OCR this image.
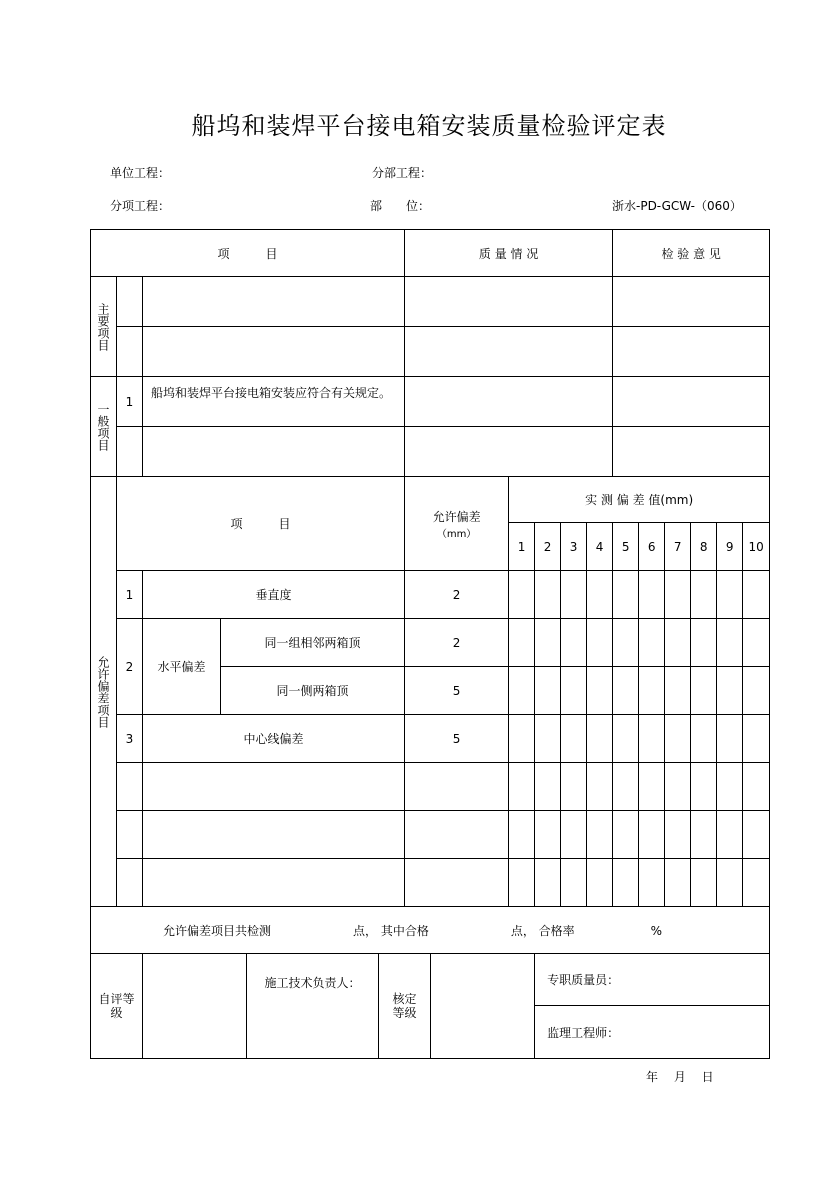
船坞和装焊平台接电箱安装质量检验评定表
单位工程：	分部工程：
分项工程：	部　　位：	浙水-PD-GCW-（060）
项　　　目						质 量 情 况						检 验 意 见					

主要项目																	

一般项目	1	船坞和装焊平台接电箱安装应符合有关规定。															

允许偏差项目	项　　　目					允许偏差
（mm）		实 测 偏 差 值(mm)									
								1	2	3	4	5	6	7	8	9	10
	1	垂直度				2											
	2	水平偏差	同一组相邻两箱顶			2											
			同一侧两箱顶			5											
	3	中心线偏差				5											

允许偏差项目共检测 点， 其中合格 点， 合格率 %																	
自评等级				施工技术负责人：	核定等级				专职质量员：								
									监理工程师：								
年 月 日
